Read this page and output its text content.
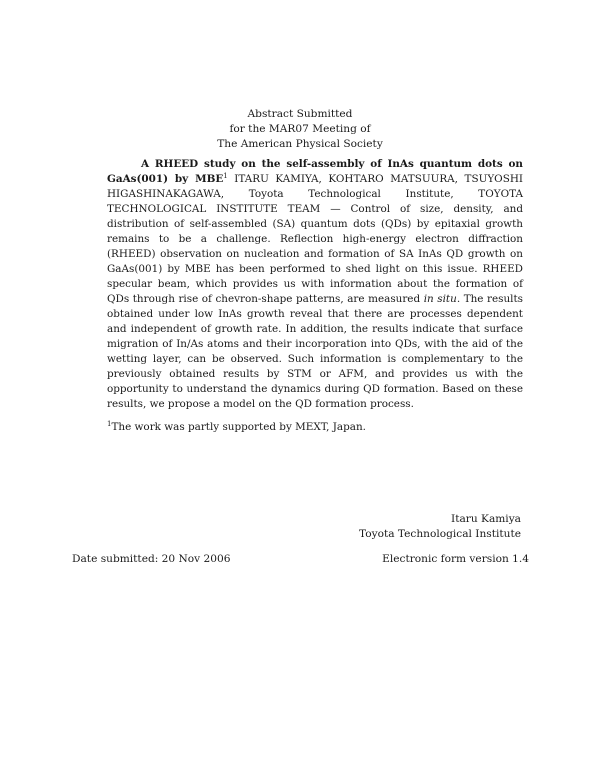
Abstract Submitted
for the MAR07 Meeting of
The American Physical Society

A RHEED study on the self-assembly of InAs quantum dots on GaAs(001) by MBE$^1$ ITARU KAMIYA, KOHTARO MATSUURA, TSUYOSHI HIGASHINAKAGAWA, Toyota Technological Institute, TOYOTA TECHNOLOGICAL INSTITUTE TEAM — Control of size, density, and distribution of self-assembled (SA) quantum dots (QDs) by epitaxial growth remains to be a challenge. Reflection high-energy electron diffraction (RHEED) observation on nucleation and formation of SA InAs QD growth on GaAs(001) by MBE has been performed to shed light on this issue. RHEED specular beam, which provides us with information about the formation of QDs through rise of chevron-shape patterns, are measured in situ. The results obtained under low InAs growth reveal that there are processes dependent and independent of growth rate. In addition, the results indicate that surface migration of In/As atoms and their incorporation into QDs, with the aid of the wetting layer, can be observed. Such information is complementary to the previously obtained results by STM or AFM, and provides us with the opportunity to understand the dynamics during QD formation. Based on these results, we propose a model on the QD formation process.

$^1$The work was partly supported by MEXT, Japan.
Itaru Kamiya
Toyota Technological Institute
Date submitted: 20 Nov 2006	Electronic form version 1.4
